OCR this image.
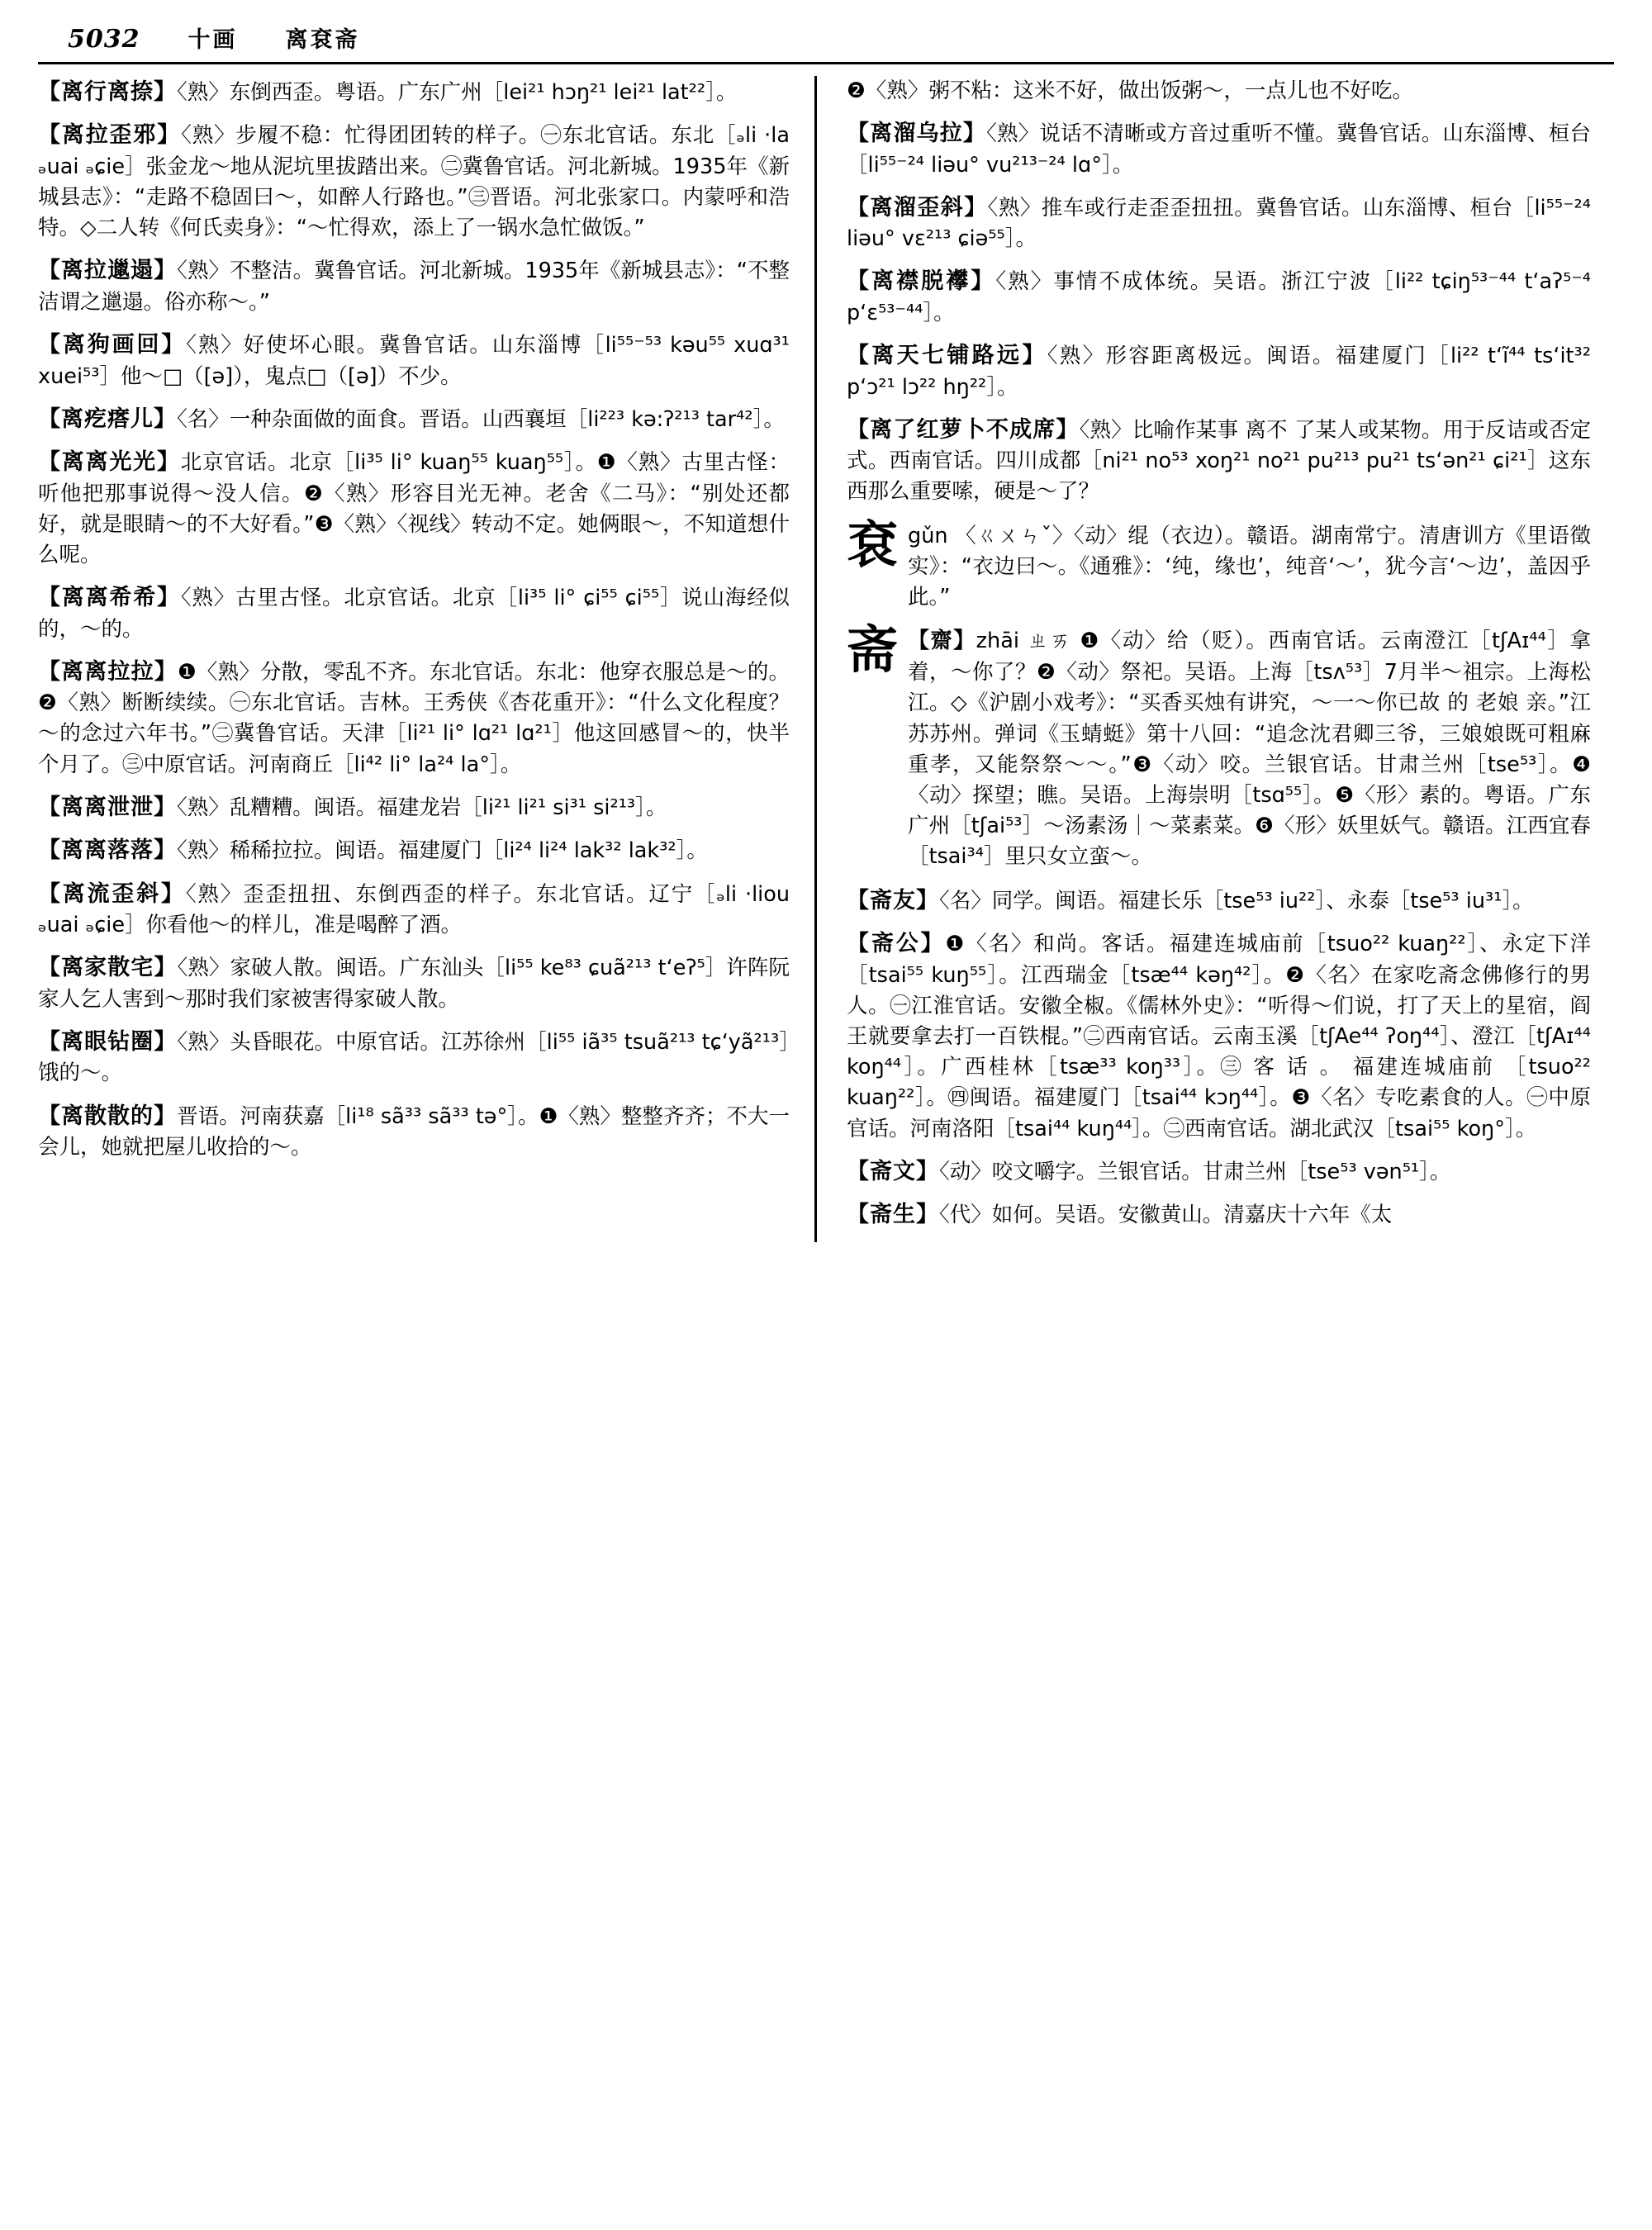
5032 十画 离袞斋

【离行离捺】〈熟〉东倒西歪。粤语。广东广州［lei²¹ hɔŋ²¹ lei²¹ lat²²］。

【离拉歪邪】〈熟〉步履不稳：忙得团团转的样子。㊀东北官话。东北［ₔli ·la ₔuai ₔɕie］张金龙～地从泥坑里拔踏出来。㊁冀鲁官话。河北新城。1935年《新城县志》：“走路不稳固曰～，如醉人行路也。”㊂晋语。河北张家口。内蒙呼和浩特。◇二人转《何氏卖身》：“～忙得欢，添上了一锅水急忙做饭。”

【离拉邋遢】〈熟〉不整洁。冀鲁官话。河北新城。1935年《新城县志》：“不整洁谓之邋遢。俗亦称～。”

【离狗画回】〈熟〉好使坏心眼。冀鲁官话。山东淄博［li⁵⁵⁻⁵³ kəu⁵⁵ xuɑ³¹ xuei⁵³］他～□（[ə]），鬼点□（[ə]）不少。

【离疙瘩儿】〈名〉一种杂面做的面食。晋语。山西襄垣［li²²³ kə:ʔ²¹³ tar⁴²］。

【离离光光】北京官话。北京［li³⁵ li° kuaŋ⁵⁵ kuaŋ⁵⁵］。❶〈熟〉古里古怪：听他把那事说得～没人信。❷〈熟〉形容目光无神。老舍《二马》：“别处还都好，就是眼睛～的不大好看。”❸〈熟〉〈视线〉转动不定。她俩眼～，不知道想什么呢。

【离离希希】〈熟〉古里古怪。北京官话。北京［li³⁵ li° ɕi⁵⁵ ɕi⁵⁵］说山海经似的，～的。

【离离拉拉】❶〈熟〉分散，零乱不齐。东北官话。东北：他穿衣服总是～的。❷〈熟〉断断续续。㊀东北官话。吉林。王秀侠《杏花重开》：“什么文化程度？～的念过六年书。”㊁冀鲁官话。天津［li²¹ li° lɑ²¹ lɑ²¹］他这回感冒～的，快半个月了。㊂中原官话。河南商丘［li⁴² li° la²⁴ la°］。

【离离泄泄】〈熟〉乱糟糟。闽语。福建龙岩［li²¹ li²¹ si³¹ si²¹³］。

【离离落落】〈熟〉稀稀拉拉。闽语。福建厦门［li²⁴ li²⁴ lak³² lak³²］。

【离流歪斜】〈熟〉歪歪扭扭、东倒西歪的样子。东北官话。辽宁［ₔli ·liou ₔuai ₔɕie］你看他～的样儿，准是喝醉了酒。

【离家散宅】〈熟〉家破人散。闽语。广东汕头［li⁵⁵ ke⁸³ ɕuã²¹³ t‘eʔ⁵］许阵阮家人乞人害到～那时我们家被害得家破人散。

【离眼钻圈】〈熟〉头昏眼花。中原官话。江苏徐州［li⁵⁵ iã³⁵ tsuã²¹³ tɕ‘yã²¹³］饿的～。

【离散散的】晋语。河南获嘉［li¹⁸ sã³³ sã³³ tə°］。❶〈熟〉整整齐齐；不大一会儿，她就把屋儿收拾的～。

❷〈熟〉粥不粘：这米不好，做出饭粥～，一点儿也不好吃。

【离溜乌拉】〈熟〉说话不清晰或方音过重听不懂。冀鲁官话。山东淄博、桓台［li⁵⁵⁻²⁴ liəu° vu²¹³⁻²⁴ lɑ°］。

【离溜歪斜】〈熟〉推车或行走歪歪扭扭。冀鲁官话。山东淄博、桓台［li⁵⁵⁻²⁴ liəu° vɛ²¹³ ɕiə⁵⁵］。

【离襟脱襻】〈熟〉事情不成体统。吴语。浙江宁波［li²² tɕiŋ⁵³⁻⁴⁴ t‘aʔ⁵⁻⁴ p‘ɛ⁵³⁻⁴⁴］。

【离天七铺路远】〈熟〉形容距离极远。闽语。福建厦门［li²² t‘ĩ⁴⁴ ts‘it³² p‘ɔ²¹ lɔ²² hŋ²²］。

【离了红萝卜不成席】〈熟〉比喻作某事 离不 了某人或某物。用于反诘或否定式。西南官话。四川成都［ni²¹ no⁵³ xoŋ²¹ no²¹ pu²¹³ pu²¹ ts‘ən²¹ ɕi²¹］这东西那么重要嗦，硬是～了？

袞 gǔn 〈ㄍㄨㄣˇ〉〈动〉绲（衣边）。赣语。湖南常宁。清唐训方《里语徵实》：“衣边曰～。《通雅》：‘纯，缘也’，纯音‘～’，犹今言‘～边’，盖因乎此。”
斋 【齋】zhāi ㄓㄞ ❶〈动〉给（贬）。西南官话。云南澄江［tʃAɪ⁴⁴］拿着，～你了？❷〈动〉祭祀。吴语。上海［tsʌ⁵³］7月半～祖宗。上海松江。◇《沪剧小戏考》：“买香买烛有讲究，～一～你已故 的 老娘 亲。”江苏苏州。弹词《玉蜻蜓》第十八回：“追念沈君卿三爷，三娘娘既可粗麻重孝，又能祭祭～～。”❸〈动〉咬。兰银官话。甘肃兰州［tse⁵³］。❹〈动〉探望；瞧。吴语。上海崇明［tsɑ⁵⁵］。❺〈形〉素的。粤语。广东广州［tʃai⁵³］～汤素汤｜～菜素菜。❻〈形〉妖里妖气。赣语。江西宜春［tsai³⁴］里只女立蛮～。

【斋友】〈名〉同学。闽语。福建长乐［tse⁵³ iu²²］、永泰［tse⁵³ iu³¹］。

【斋公】❶〈名〉和尚。客话。福建连城庙前［tsuo²² kuaŋ²²］、永定下洋［tsai⁵⁵ kuŋ⁵⁵］。江西瑞金［tsæ⁴⁴ kəŋ⁴²］。❷〈名〉在家吃斋念佛修行的男人。㊀江淮官话。安徽全椒。《儒林外史》：“听得～们说，打了天上的星宿，阎王就要拿去打一百铁棍。”㊁西南官话。云南玉溪［tʃAe⁴⁴ ʔoŋ⁴⁴］、澄江［tʃAɪ⁴⁴ koŋ⁴⁴］。广西桂林［tsæ³³ koŋ³³］。㊂ 客 话 。 福建连城庙前 ［tsuo²² kuaŋ²²］。㊃闽语。福建厦门［tsai⁴⁴ kɔŋ⁴⁴］。❸〈名〉专吃素食的人。㊀中原官话。河南洛阳［tsai⁴⁴ kuŋ⁴⁴］。㊁西南官话。湖北武汉［tsai⁵⁵ koŋ°］。

【斋文】〈动〉咬文嚼字。兰银官话。甘肃兰州［tse⁵³ vən⁵¹］。

【斋生】〈代〉如何。吴语。安徽黄山。清嘉庆十六年《太
